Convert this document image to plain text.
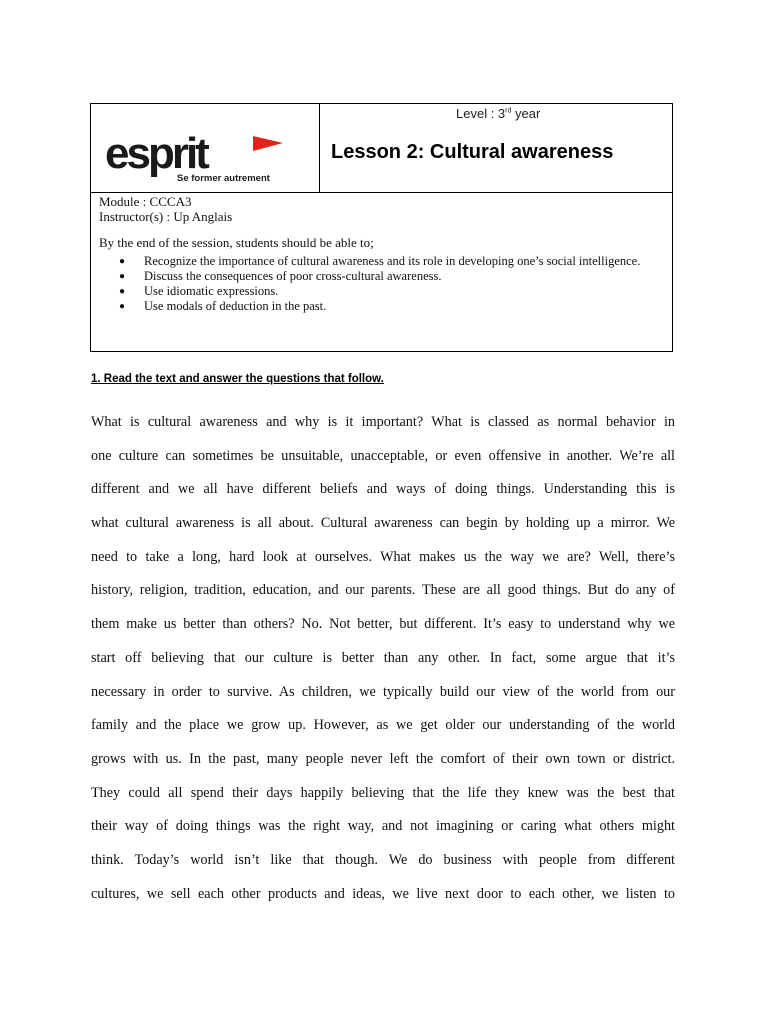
esprit
Se former autrement
Level : 3rd year
Lesson 2: Cultural awareness
Module : CCCA3
Instructor(s) : Up Anglais
By the end of the session, students should be able to;
● Recognize the importance of cultural awareness and its role in developing one’s social intelligence.
● Discuss the consequences of poor cross-cultural awareness.
● Use idiomatic expressions.
● Use modals of deduction in the past.
1. Read the text and answer the questions that follow.
What is cultural awareness and why is it important? What is classed as normal behavior in
one culture can sometimes be unsuitable, unacceptable, or even offensive in another. We’re all
different and we all have different beliefs and ways of doing things. Understanding this is
what cultural awareness is all about. Cultural awareness can begin by holding up a mirror. We
need to take a long, hard look at ourselves. What makes us the way we are? Well, there’s
history, religion, tradition, education, and our parents. These are all good things. But do any of
them make us better than others? No. Not better, but different. It’s easy to understand why we
start off believing that our culture is better than any other. In fact, some argue that it’s
necessary in order to survive. As children, we typically build our view of the world from our
family and the place we grow up. However, as we get older our understanding of the world
grows with us. In the past, many people never left the comfort of their own town or district.
They could all spend their days happily believing that the life they knew was the best that
their way of doing things was the right way, and not imagining or caring what others might
think. Today’s world isn’t like that though. We do business with people from different
cultures, we sell each other products and ideas, we live next door to each other, we listen to
